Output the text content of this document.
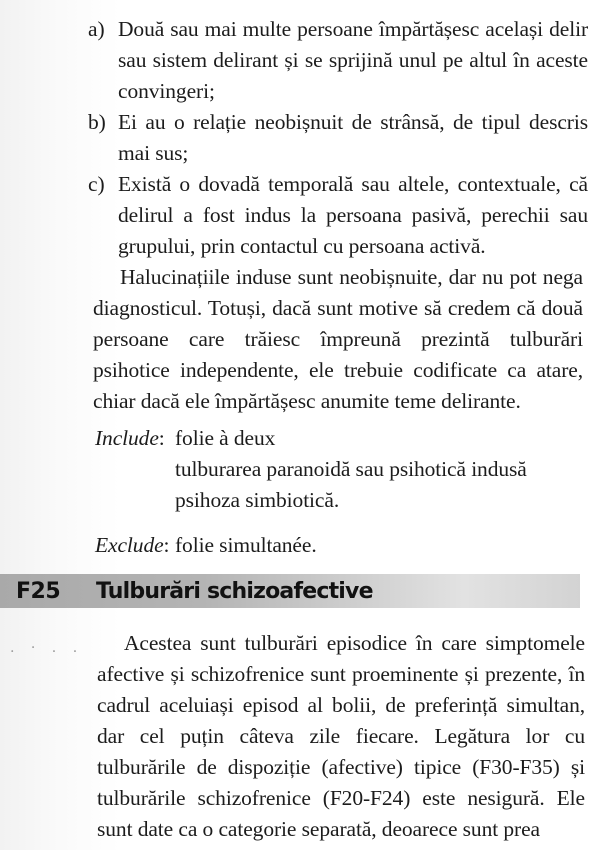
a) Două sau mai multe persoane împărtășesc același delir sau sistem delirant și se sprijină unul pe altul în aceste convingeri;
b) Ei au o relație neobișnuit de strânsă, de tipul descris mai sus;
c) Există o dovadă temporală sau altele, contextuale, că delirul a fost indus la persoana pasivă, perechii sau grupului, prin contactul cu persoana activă.

Halucinațiile induse sunt neobișnuite, dar nu pot nega diagnosticul. Totuși, dacă sunt motive să credem că două persoane care trăiesc împreună prezintă tulburări psihotice independente, ele trebuie codificate ca atare, chiar dacă ele împărtășesc anumite teme delirante.

Include: folie à deux
tulburarea paranoidă sau psihotică indusă
psihoza simbiotică.
Exclude: folie simultanée.
F25	Tulburări schizoafective
. · . .	Acestea sunt tulburări episodice în care simptomele afective și schizofrenice sunt proeminente și prezente, în cadrul aceluiași episod al bolii, de preferință simultan, dar cel puțin câteva zile fiecare. Legătura lor cu tulburările de dispoziție (afective) tipice (F30-F35) și tulburările schizofrenice (F20-F24) este nesigură. Ele sunt date ca o categorie separată, deoarece sunt prea
